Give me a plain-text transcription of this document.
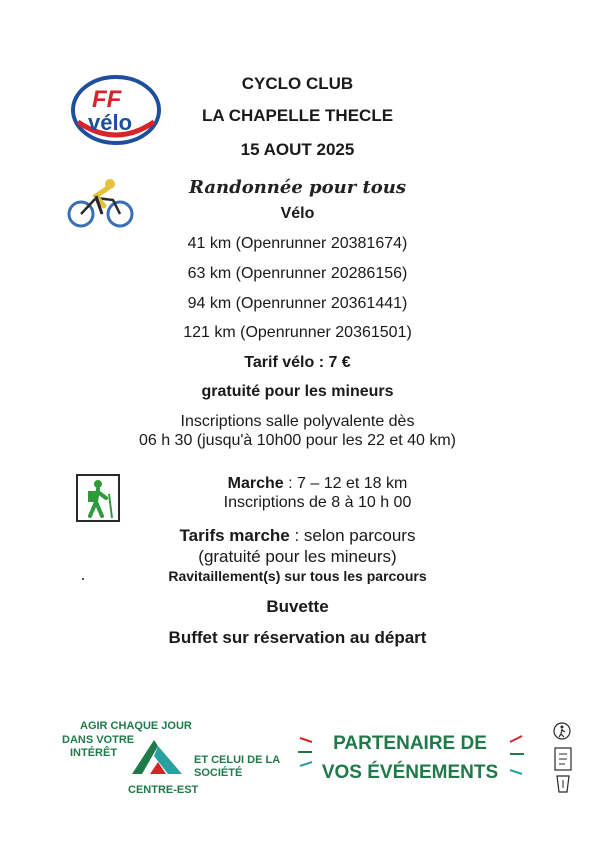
FF
vélo
CYCLO CLUB
LA CHAPELLE THECLE
15 AOUT 2025
Randonnée pour tous
Vélo
41 km (Openrunner 20381674)
63 km (Openrunner 20286156)
94 km (Openrunner 20361441)
121 km (Openrunner 20361501)
Tarif vélo : 7 €
gratuité pour les mineurs
Inscriptions salle polyvalente dès
06 h 30 (jusqu'à 10h00 pour les 22 et 40 km)
Marche : 7 – 12 et 18 km
Inscriptions de 8 à 10 h 00
Tarifs marche : selon parcours
(gratuité pour les mineurs)
Ravitaillement(s) sur tous les parcours
Buvette
Buffet sur réservation au départ
AGIR CHAQUE JOUR
DANS VOTRE
INTÉRÊT
ET CELUI DE LA
SOCIÉTÉ
CENTRE-EST
PARTENAIRE DE
VOS ÉVÉNEMENTS
